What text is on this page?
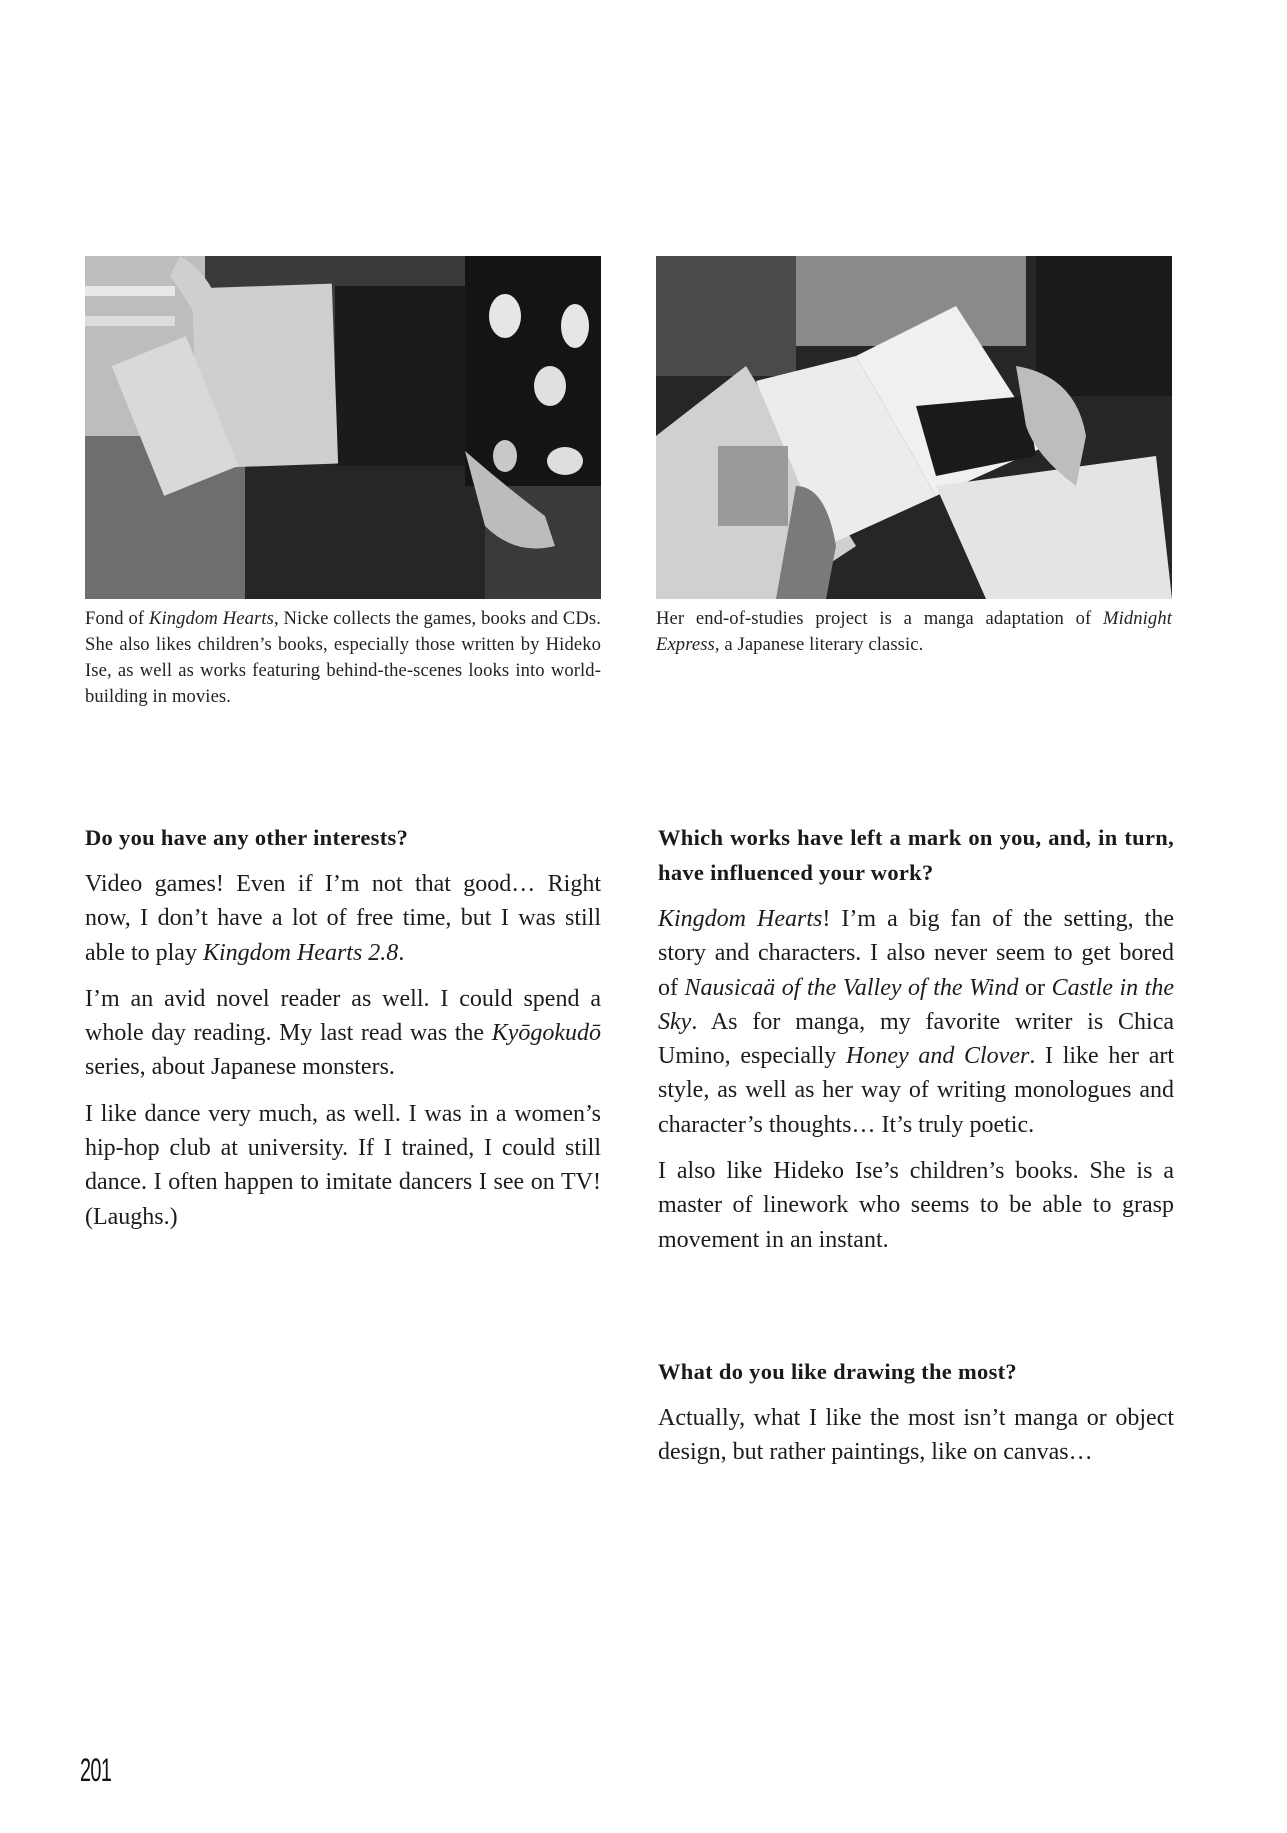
Fond of Kingdom Hearts, Nicke collects the games, books and CDs. She also likes children’s books, especially those written by Hideko Ise, as well as works featuring behind-the-scenes looks into world-building in movies.
Her end-of-studies project is a manga adaptation of Midnight Express, a Japanese literary classic.
Do you have any other interests?
Video games! Even if I’m not that good… Right now, I don’t have a lot of free time, but I was still able to play Kingdom Hearts 2.8.
I’m an avid novel reader as well. I could spend a whole day reading. My last read was the Kyōgokudō series, about Japanese monsters.
I like dance very much, as well. I was in a women’s hip-hop club at university. If I trained, I could still dance. I often happen to imitate dancers I see on TV! (Laughs.)
Which works have left a mark on you, and, in turn, have influenced your work?
Kingdom Hearts! I’m a big fan of the setting, the story and characters. I also never seem to get bored of Nausicaä of the Valley of the Wind or Castle in the Sky. As for manga, my favorite writer is Chica Umino, especially Honey and Clover. I like her art style, as well as her way of writing monologues and character’s thoughts… It’s truly poetic.
I also like Hideko Ise’s children’s books. She is a master of linework who seems to be able to grasp movement in an instant.
What do you like drawing the most?
Actually, what I like the most isn’t manga or object design, but rather paintings, like on canvas…
201
